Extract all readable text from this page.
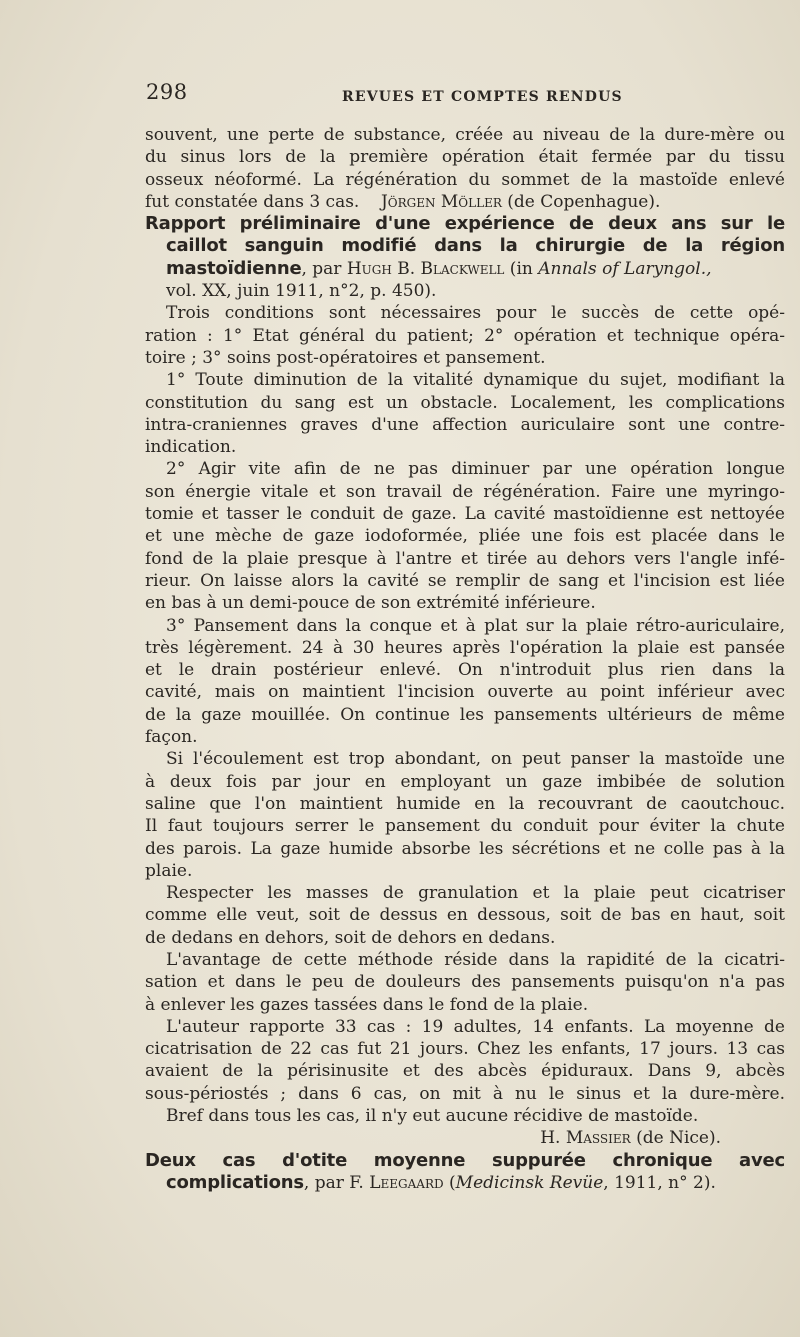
298	REVUES ET COMPTES RENDUS
souvent, une perte de substance, créée au niveau de la dure-mère ou
du sinus lors de la première opération était fermée par du tissu
osseux néoformé. La régénération du sommet de la mastoïde enlevé
fut constatée dans 3 cas. Jörgen Möller (de Copenhague).
Rapport préliminaire d'une expérience de deux ans sur le
caillot sanguin modifié dans la chirurgie de la région
mastoïdienne, par Hugh B. Blackwell (in Annals of Laryngol.,
vol. XX, juin 1911, n°2, p. 450).
Trois conditions sont nécessaires pour le succès de cette opé-
ration : 1° Etat général du patient; 2° opération et technique opéra-
toire ; 3° soins post-opératoires et pansement.
1° Toute diminution de la vitalité dynamique du sujet, modifiant la
constitution du sang est un obstacle. Localement, les complications
intra-craniennes graves d'une affection auriculaire sont une contre-
indication.
2° Agir vite afin de ne pas diminuer par une opération longue
son énergie vitale et son travail de régénération. Faire une myringo-
tomie et tasser le conduit de gaze. La cavité mastoïdienne est nettoyée
et une mèche de gaze iodoformée, pliée une fois est placée dans le
fond de la plaie presque à l'antre et tirée au dehors vers l'angle infé-
rieur. On laisse alors la cavité se remplir de sang et l'incision est liée
en bas à un demi-pouce de son extrémité inférieure.
3° Pansement dans la conque et à plat sur la plaie rétro-auriculaire,
très légèrement. 24 à 30 heures après l'opération la plaie est pansée
et le drain postérieur enlevé. On n'introduit plus rien dans la
cavité, mais on maintient l'incision ouverte au point inférieur avec
de la gaze mouillée. On continue les pansements ultérieurs de même
façon.
Si l'écoulement est trop abondant, on peut panser la mastoïde une
à deux fois par jour en employant un gaze imbibée de solution
saline que l'on maintient humide en la recouvrant de caoutchouc.
Il faut toujours serrer le pansement du conduit pour éviter la chute
des parois. La gaze humide absorbe les sécrétions et ne colle pas à la
plaie.
Respecter les masses de granulation et la plaie peut cicatriser
comme elle veut, soit de dessus en dessous, soit de bas en haut, soit
de dedans en dehors, soit de dehors en dedans.
L'avantage de cette méthode réside dans la rapidité de la cicatri-
sation et dans le peu de douleurs des pansements puisqu'on n'a pas
à enlever les gazes tassées dans le fond de la plaie.
L'auteur rapporte 33 cas : 19 adultes, 14 enfants. La moyenne de
cicatrisation de 22 cas fut 21 jours. Chez les enfants, 17 jours. 13 cas
avaient de la périsinusite et des abcès épiduraux. Dans 9, abcès
sous-périostés ; dans 6 cas, on mit à nu le sinus et la dure-mère.
Bref dans tous les cas, il n'y eut aucune récidive de mastoïde.
H. Massier (de Nice).
Deux cas d'otite moyenne suppurée chronique avec
complications, par F. Leegaard (Medicinsk Revüe, 1911, n° 2).
